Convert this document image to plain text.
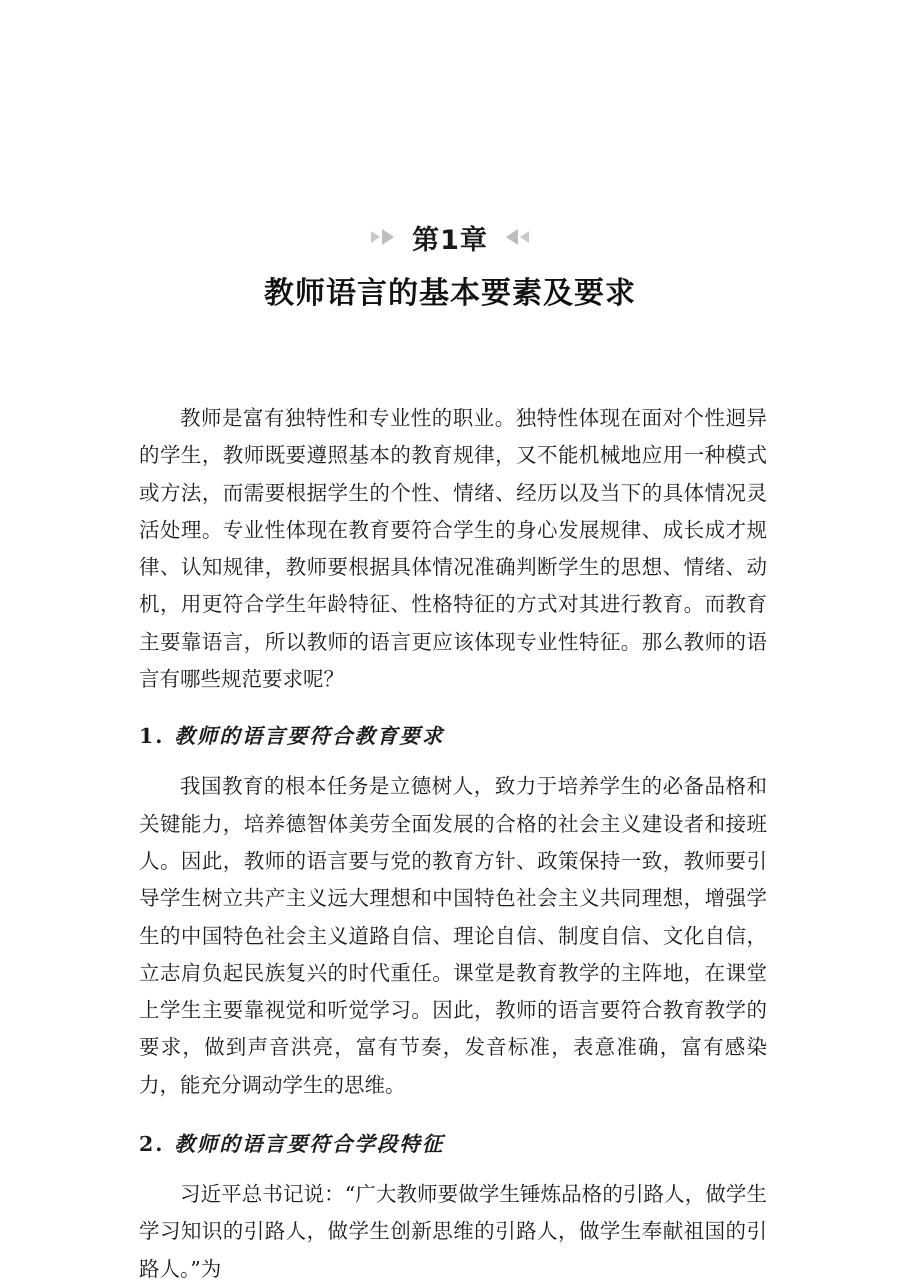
第1章
教师语言的基本要素及要求

教师是富有独特性和专业性的职业。独特性体现在面对个性迥异的学生，教师既要遵照基本的教育规律，又不能机械地应用一种模式或方法，而需要根据学生的个性、情绪、经历以及当下的具体情况灵活处理。专业性体现在教育要符合学生的身心发展规律、成长成才规律、认知规律，教师要根据具体情况准确判断学生的思想、情绪、动机，用更符合学生年龄特征、性格特征的方式对其进行教育。而教育主要靠语言，所以教师的语言更应该体现专业性特征。那么教师的语言有哪些规范要求呢？

1. 教师的语言要符合教育要求

我国教育的根本任务是立德树人，致力于培养学生的必备品格和关键能力，培养德智体美劳全面发展的合格的社会主义建设者和接班人。因此，教师的语言要与党的教育方针、政策保持一致，教师要引导学生树立共产主义远大理想和中国特色社会主义共同理想，增强学生的中国特色社会主义道路自信、理论自信、制度自信、文化自信，立志肩负起民族复兴的时代重任。课堂是教育教学的主阵地，在课堂上学生主要靠视觉和听觉学习。因此，教师的语言要符合教育教学的要求，做到声音洪亮，富有节奏，发音标准，表意准确，富有感染力，能充分调动学生的思维。

2. 教师的语言要符合学段特征

习近平总书记说：“广大教师要做学生锤炼品格的引路人，做学生学习知识的引路人，做学生创新思维的引路人，做学生奉献祖国的引路人。”为
